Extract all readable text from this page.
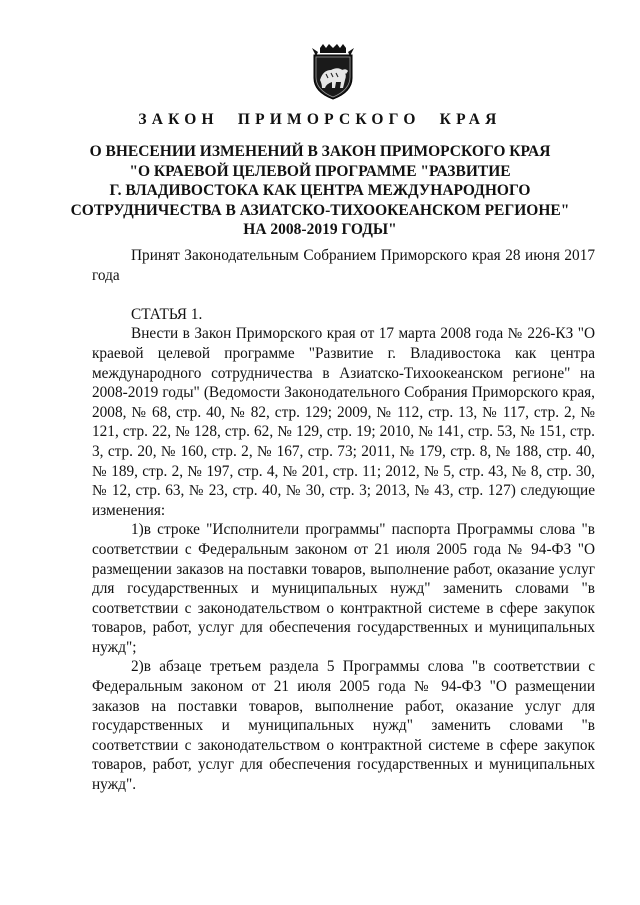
ЗАКОН ПРИМОРСКОГО КРАЯ
О ВНЕСЕНИИ ИЗМЕНЕНИЙ В ЗАКОН ПРИМОРСКОГО КРАЯ
"О КРАЕВОЙ ЦЕЛЕВОЙ ПРОГРАММЕ "РАЗВИТИЕ
Г. ВЛАДИВОСТОКА КАК ЦЕНТРА МЕЖДУНАРОДНОГО
СОТРУДНИЧЕСТВА В АЗИАТСКО-ТИХООКЕАНСКОМ РЕГИОНЕ"
НА 2008-2019 ГОДЫ"

Принят Законодательным Собранием Приморского края 28 июня 2017 года

СТАТЬЯ 1.

Внести в Закон Приморского края от 17 марта 2008 года № 226-КЗ "О краевой целевой программе "Развитие г. Владивостока как центра международного сотрудничества в Азиатско-Тихоокеанском регионе" на 2008-2019 годы" (Ведомости Законодательного Собрания Приморского края, 2008, № 68, стр. 40, № 82, стр. 129; 2009, № 112, стр. 13, № 117, стр. 2, № 121, стр. 22, № 128, стр. 62, № 129, стр. 19; 2010, № 141, стр. 53, № 151, стр. 3, стр. 20, № 160, стр. 2, № 167, стр. 73; 2011, № 179, стр. 8, № 188, стр. 40, № 189, стр. 2, № 197, стр. 4, № 201, стр. 11; 2012, № 5, стр. 43, № 8, стр. 30, № 12, стр. 63, № 23, стр. 40, № 30, стр. 3; 2013, № 43, стр. 127) следующие изменения:

1)в строке "Исполнители программы" паспорта Программы слова "в соответствии с Федеральным законом от 21 июля 2005 года № 94-ФЗ "О размещении заказов на поставки товаров, выполнение работ, оказание услуг для государственных и муниципальных нужд" заменить словами "в соответствии с законодательством о контрактной системе в сфере закупок товаров, работ, услуг для обеспечения государственных и муниципальных нужд";

2)в абзаце третьем раздела 5 Программы слова "в соответствии с Федеральным законом от 21 июля 2005 года № 94-ФЗ "О размещении заказов на поставки товаров, выполнение работ, оказание услуг для государственных и муниципальных нужд" заменить словами "в соответствии с законодательством о контрактной системе в сфере закупок товаров, работ, услуг для обеспечения государственных и муниципальных нужд".
